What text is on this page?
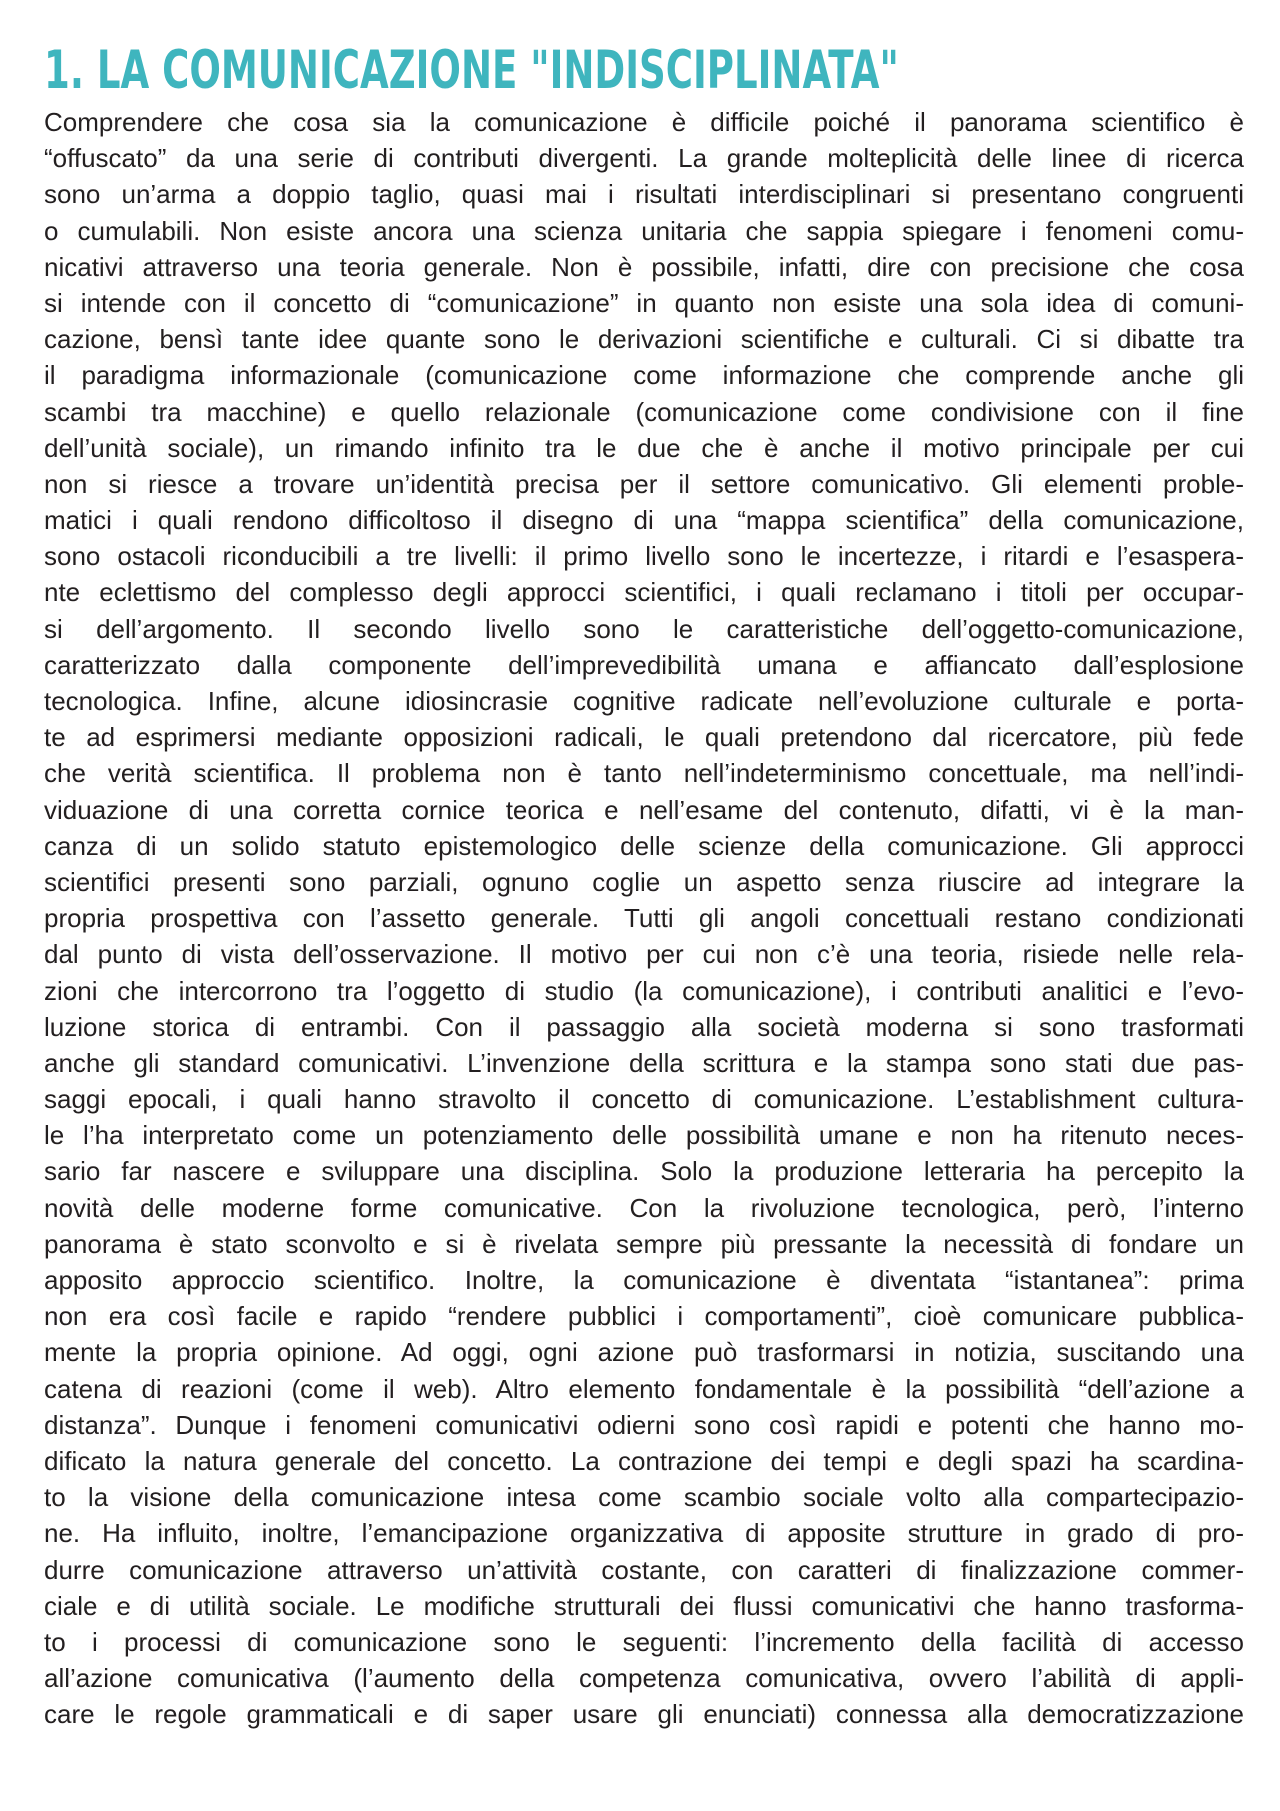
1. LA COMUNICAZIONE "INDISCIPLINATA"
Comprendere che cosa sia la comunicazione è difficile poiché il panorama scientifico è
“offuscato” da una serie di contributi divergenti. La grande molteplicità delle linee di ricerca
sono un’arma a doppio taglio, quasi mai i risultati interdisciplinari si presentano congruenti
o cumulabili. Non esiste ancora una scienza unitaria che sappia spiegare i fenomeni comu-
nicativi attraverso una teoria generale. Non è possibile, infatti, dire con precisione che cosa
si intende con il concetto di “comunicazione” in quanto non esiste una sola idea di comuni-
cazione, bensì tante idee quante sono le derivazioni scientifiche e culturali. Ci si dibatte tra
il paradigma informazionale (comunicazione come informazione che comprende anche gli
scambi tra macchine) e quello relazionale (comunicazione come condivisione con il fine
dell’unità sociale), un rimando infinito tra le due che è anche il motivo principale per cui
non si riesce a trovare un’identità precisa per il settore comunicativo. Gli elementi proble-
matici i quali rendono difficoltoso il disegno di una “mappa scientifica” della comunicazione,
sono ostacoli riconducibili a tre livelli: il primo livello sono le incertezze, i ritardi e l’esaspera-
nte eclettismo del complesso degli approcci scientifici, i quali reclamano i titoli per occupar-
si dell’argomento. Il secondo livello sono le caratteristiche dell’oggetto-comunicazione,
caratterizzato dalla componente dell’imprevedibilità umana e affiancato dall’esplosione
tecnologica. Infine, alcune idiosincrasie cognitive radicate nell’evoluzione culturale e porta-
te ad esprimersi mediante opposizioni radicali, le quali pretendono dal ricercatore, più fede
che verità scientifica. Il problema non è tanto nell’indeterminismo concettuale, ma nell’indi-
viduazione di una corretta cornice teorica e nell’esame del contenuto, difatti, vi è la man-
canza di un solido statuto epistemologico delle scienze della comunicazione. Gli approcci
scientifici presenti sono parziali, ognuno coglie un aspetto senza riuscire ad integrare la
propria prospettiva con l’assetto generale. Tutti gli angoli concettuali restano condizionati
dal punto di vista dell’osservazione. Il motivo per cui non c’è una teoria, risiede nelle rela-
zioni che intercorrono tra l’oggetto di studio (la comunicazione), i contributi analitici e l’evo-
luzione storica di entrambi. Con il passaggio alla società moderna si sono trasformati
anche gli standard comunicativi. L’invenzione della scrittura e la stampa sono stati due pas-
saggi epocali, i quali hanno stravolto il concetto di comunicazione. L’establishment cultura-
le l’ha interpretato come un potenziamento delle possibilità umane e non ha ritenuto neces-
sario far nascere e sviluppare una disciplina. Solo la produzione letteraria ha percepito la
novità delle moderne forme comunicative. Con la rivoluzione tecnologica, però, l’interno
panorama è stato sconvolto e si è rivelata sempre più pressante la necessità di fondare un
apposito approccio scientifico. Inoltre, la comunicazione è diventata “istantanea”: prima
non era così facile e rapido “rendere pubblici i comportamenti”, cioè comunicare pubblica-
mente la propria opinione. Ad oggi, ogni azione può trasformarsi in notizia, suscitando una
catena di reazioni (come il web). Altro elemento fondamentale è la possibilità “dell’azione a
distanza”. Dunque i fenomeni comunicativi odierni sono così rapidi e potenti che hanno mo-
dificato la natura generale del concetto. La contrazione dei tempi e degli spazi ha scardina-
to la visione della comunicazione intesa come scambio sociale volto alla compartecipazio-
ne. Ha influito, inoltre, l’emancipazione organizzativa di apposite strutture in grado di pro-
durre comunicazione attraverso un’attività costante, con caratteri di finalizzazione commer-
ciale e di utilità sociale. Le modifiche strutturali dei flussi comunicativi che hanno trasforma-
to i processi di comunicazione sono le seguenti: l’incremento della facilità di accesso
all’azione comunicativa (l’aumento della competenza comunicativa, ovvero l’abilità di appli-
care le regole grammaticali e di saper usare gli enunciati) connessa alla democratizzazione
